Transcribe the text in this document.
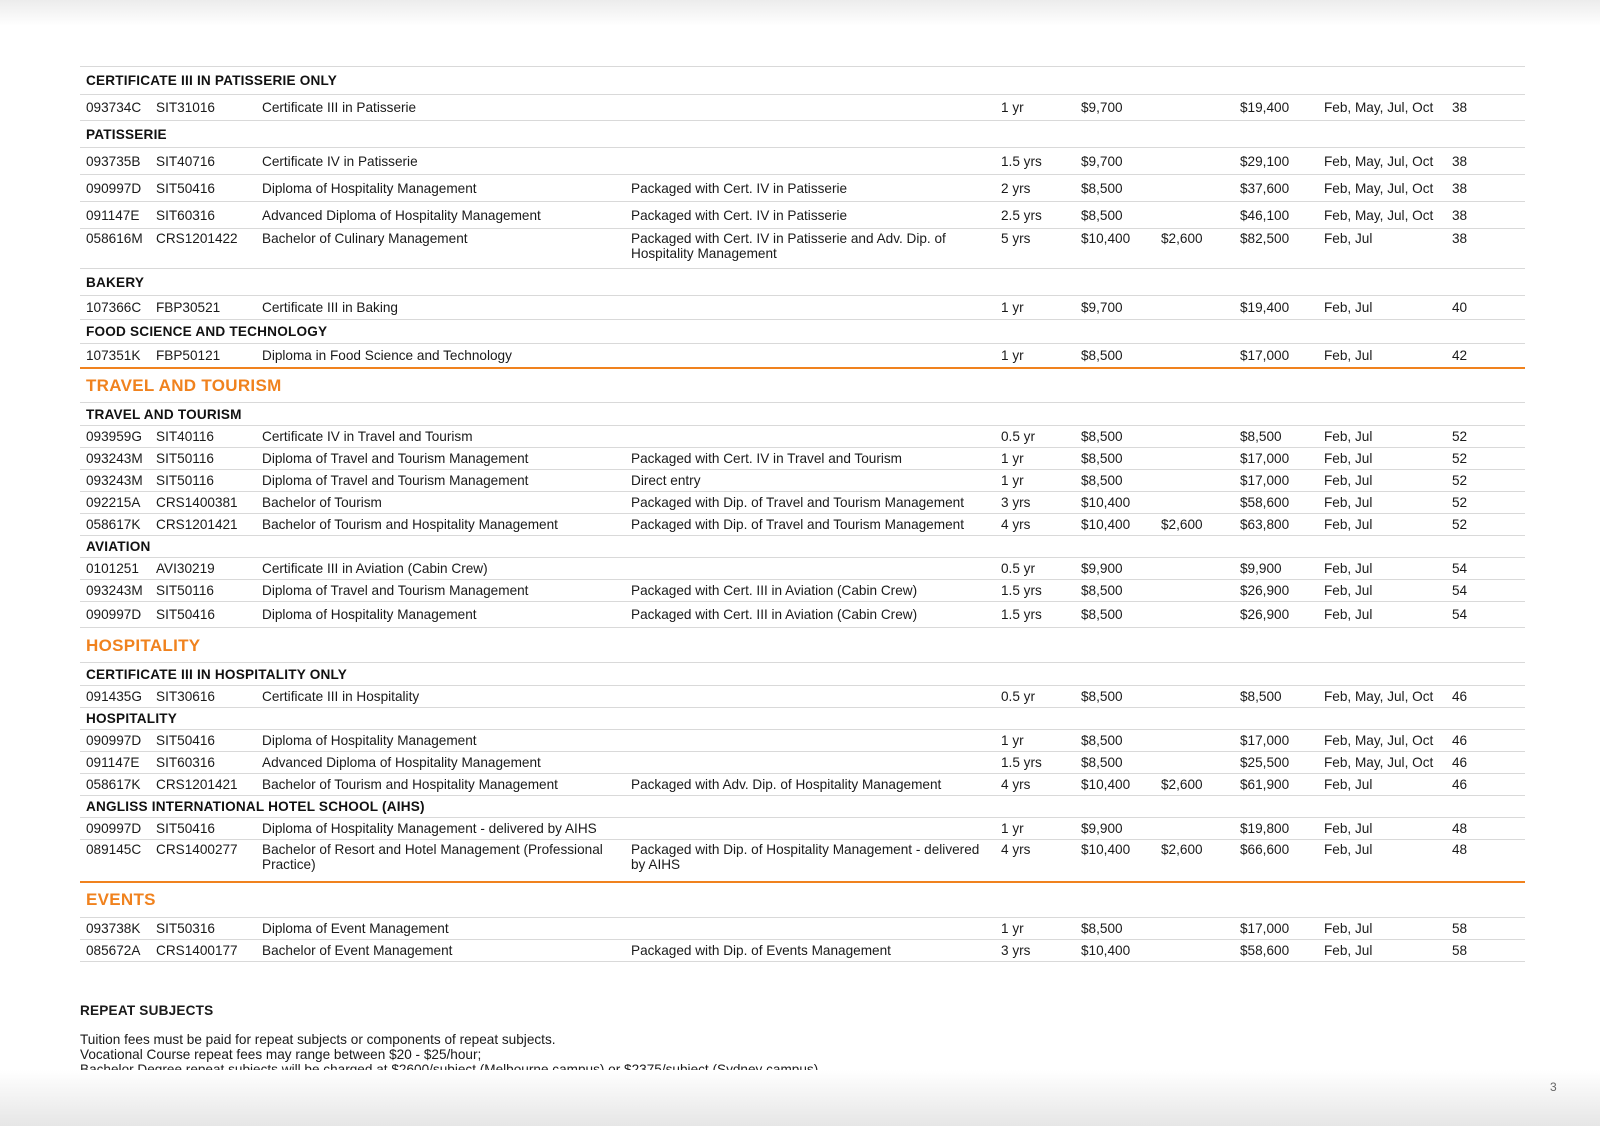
CERTIFICATE III IN PATISSERIE ONLY									
093734C	SIT31016	Certificate III in Patisserie		1 yr	$9,700		$19,400	Feb, May, Jul, Oct	38
PATISSERIE									
093735B	SIT40716	Certificate IV in Patisserie		1.5 yrs	$9,700		$29,100	Feb, May, Jul, Oct	38
090997D	SIT50416	Diploma of Hospitality Management	Packaged with Cert. IV in Patisserie	2 yrs	$8,500		$37,600	Feb, May, Jul, Oct	38
091147E	SIT60316	Advanced Diploma of Hospitality Management	Packaged with Cert. IV in Patisserie	2.5 yrs	$8,500		$46,100	Feb, May, Jul, Oct	38
058616M	CRS1201422	Bachelor of Culinary Management	Packaged with Cert. IV in Patisserie and Adv. Dip. of Hospitality Management	5 yrs	$10,400	$2,600	$82,500	Feb, Jul	38
BAKERY									
107366C	FBP30521	Certificate III in Baking		1 yr	$9,700		$19,400	Feb, Jul	40
FOOD SCIENCE AND TECHNOLOGY									
107351K	FBP50121	Diploma in Food Science and Technology		1 yr	$8,500		$17,000	Feb, Jul	42
TRAVEL AND TOURISM									
TRAVEL AND TOURISM									
093959G	SIT40116	Certificate IV in Travel and Tourism		0.5 yr	$8,500		$8,500	Feb, Jul	52
093243M	SIT50116	Diploma of Travel and Tourism Management	Packaged with Cert. IV in Travel and Tourism	1 yr	$8,500		$17,000	Feb, Jul	52
093243M	SIT50116	Diploma of Travel and Tourism Management	Direct entry	1 yr	$8,500		$17,000	Feb, Jul	52
092215A	CRS1400381	Bachelor of Tourism	Packaged with Dip. of Travel and Tourism Management	3 yrs	$10,400		$58,600	Feb, Jul	52
058617K	CRS1201421	Bachelor of Tourism and Hospitality Management	Packaged with Dip. of Travel and Tourism Management	4 yrs	$10,400	$2,600	$63,800	Feb, Jul	52
AVIATION									
0101251	AVI30219	Certificate III in Aviation (Cabin Crew)		0.5 yr	$9,900		$9,900	Feb, Jul	54
093243M	SIT50116	Diploma of Travel and Tourism Management	Packaged with Cert. III in Aviation (Cabin Crew)	1.5 yrs	$8,500		$26,900	Feb, Jul	54
090997D	SIT50416	Diploma of Hospitality Management	Packaged with Cert. III in Aviation (Cabin Crew)	1.5 yrs	$8,500		$26,900	Feb, Jul	54
HOSPITALITY									
CERTIFICATE III IN HOSPITALITY ONLY									
091435G	SIT30616	Certificate III in Hospitality		0.5 yr	$8,500		$8,500	Feb, May, Jul, Oct	46
HOSPITALITY									
090997D	SIT50416	Diploma of Hospitality Management		1 yr	$8,500		$17,000	Feb, May, Jul, Oct	46
091147E	SIT60316	Advanced Diploma of Hospitality Management		1.5 yrs	$8,500		$25,500	Feb, May, Jul, Oct	46
058617K	CRS1201421	Bachelor of Tourism and Hospitality Management	Packaged with Adv. Dip. of Hospitality Management	4 yrs	$10,400	$2,600	$61,900	Feb, Jul	46
ANGLISS INTERNATIONAL HOTEL SCHOOL (AIHS)									
090997D	SIT50416	Diploma of Hospitality Management - delivered by AIHS		1 yr	$9,900		$19,800	Feb, Jul	48
089145C	CRS1400277	Bachelor of Resort and Hotel Management (Professional Practice)	Packaged with Dip. of Hospitality Management - delivered by AIHS	4 yrs	$10,400	$2,600	$66,600	Feb, Jul	48
EVENTS									
093738K	SIT50316	Diploma of Event Management		1 yr	$8,500		$17,000	Feb, Jul	58
085672A	CRS1400177	Bachelor of Event Management	Packaged with Dip. of Events Management	3 yrs	$10,400		$58,600	Feb, Jul	58
REPEAT SUBJECTS
Tuition fees must be paid for repeat subjects or components of repeat subjects.
Vocational Course repeat fees may range between $20 - $25/hour;
3
